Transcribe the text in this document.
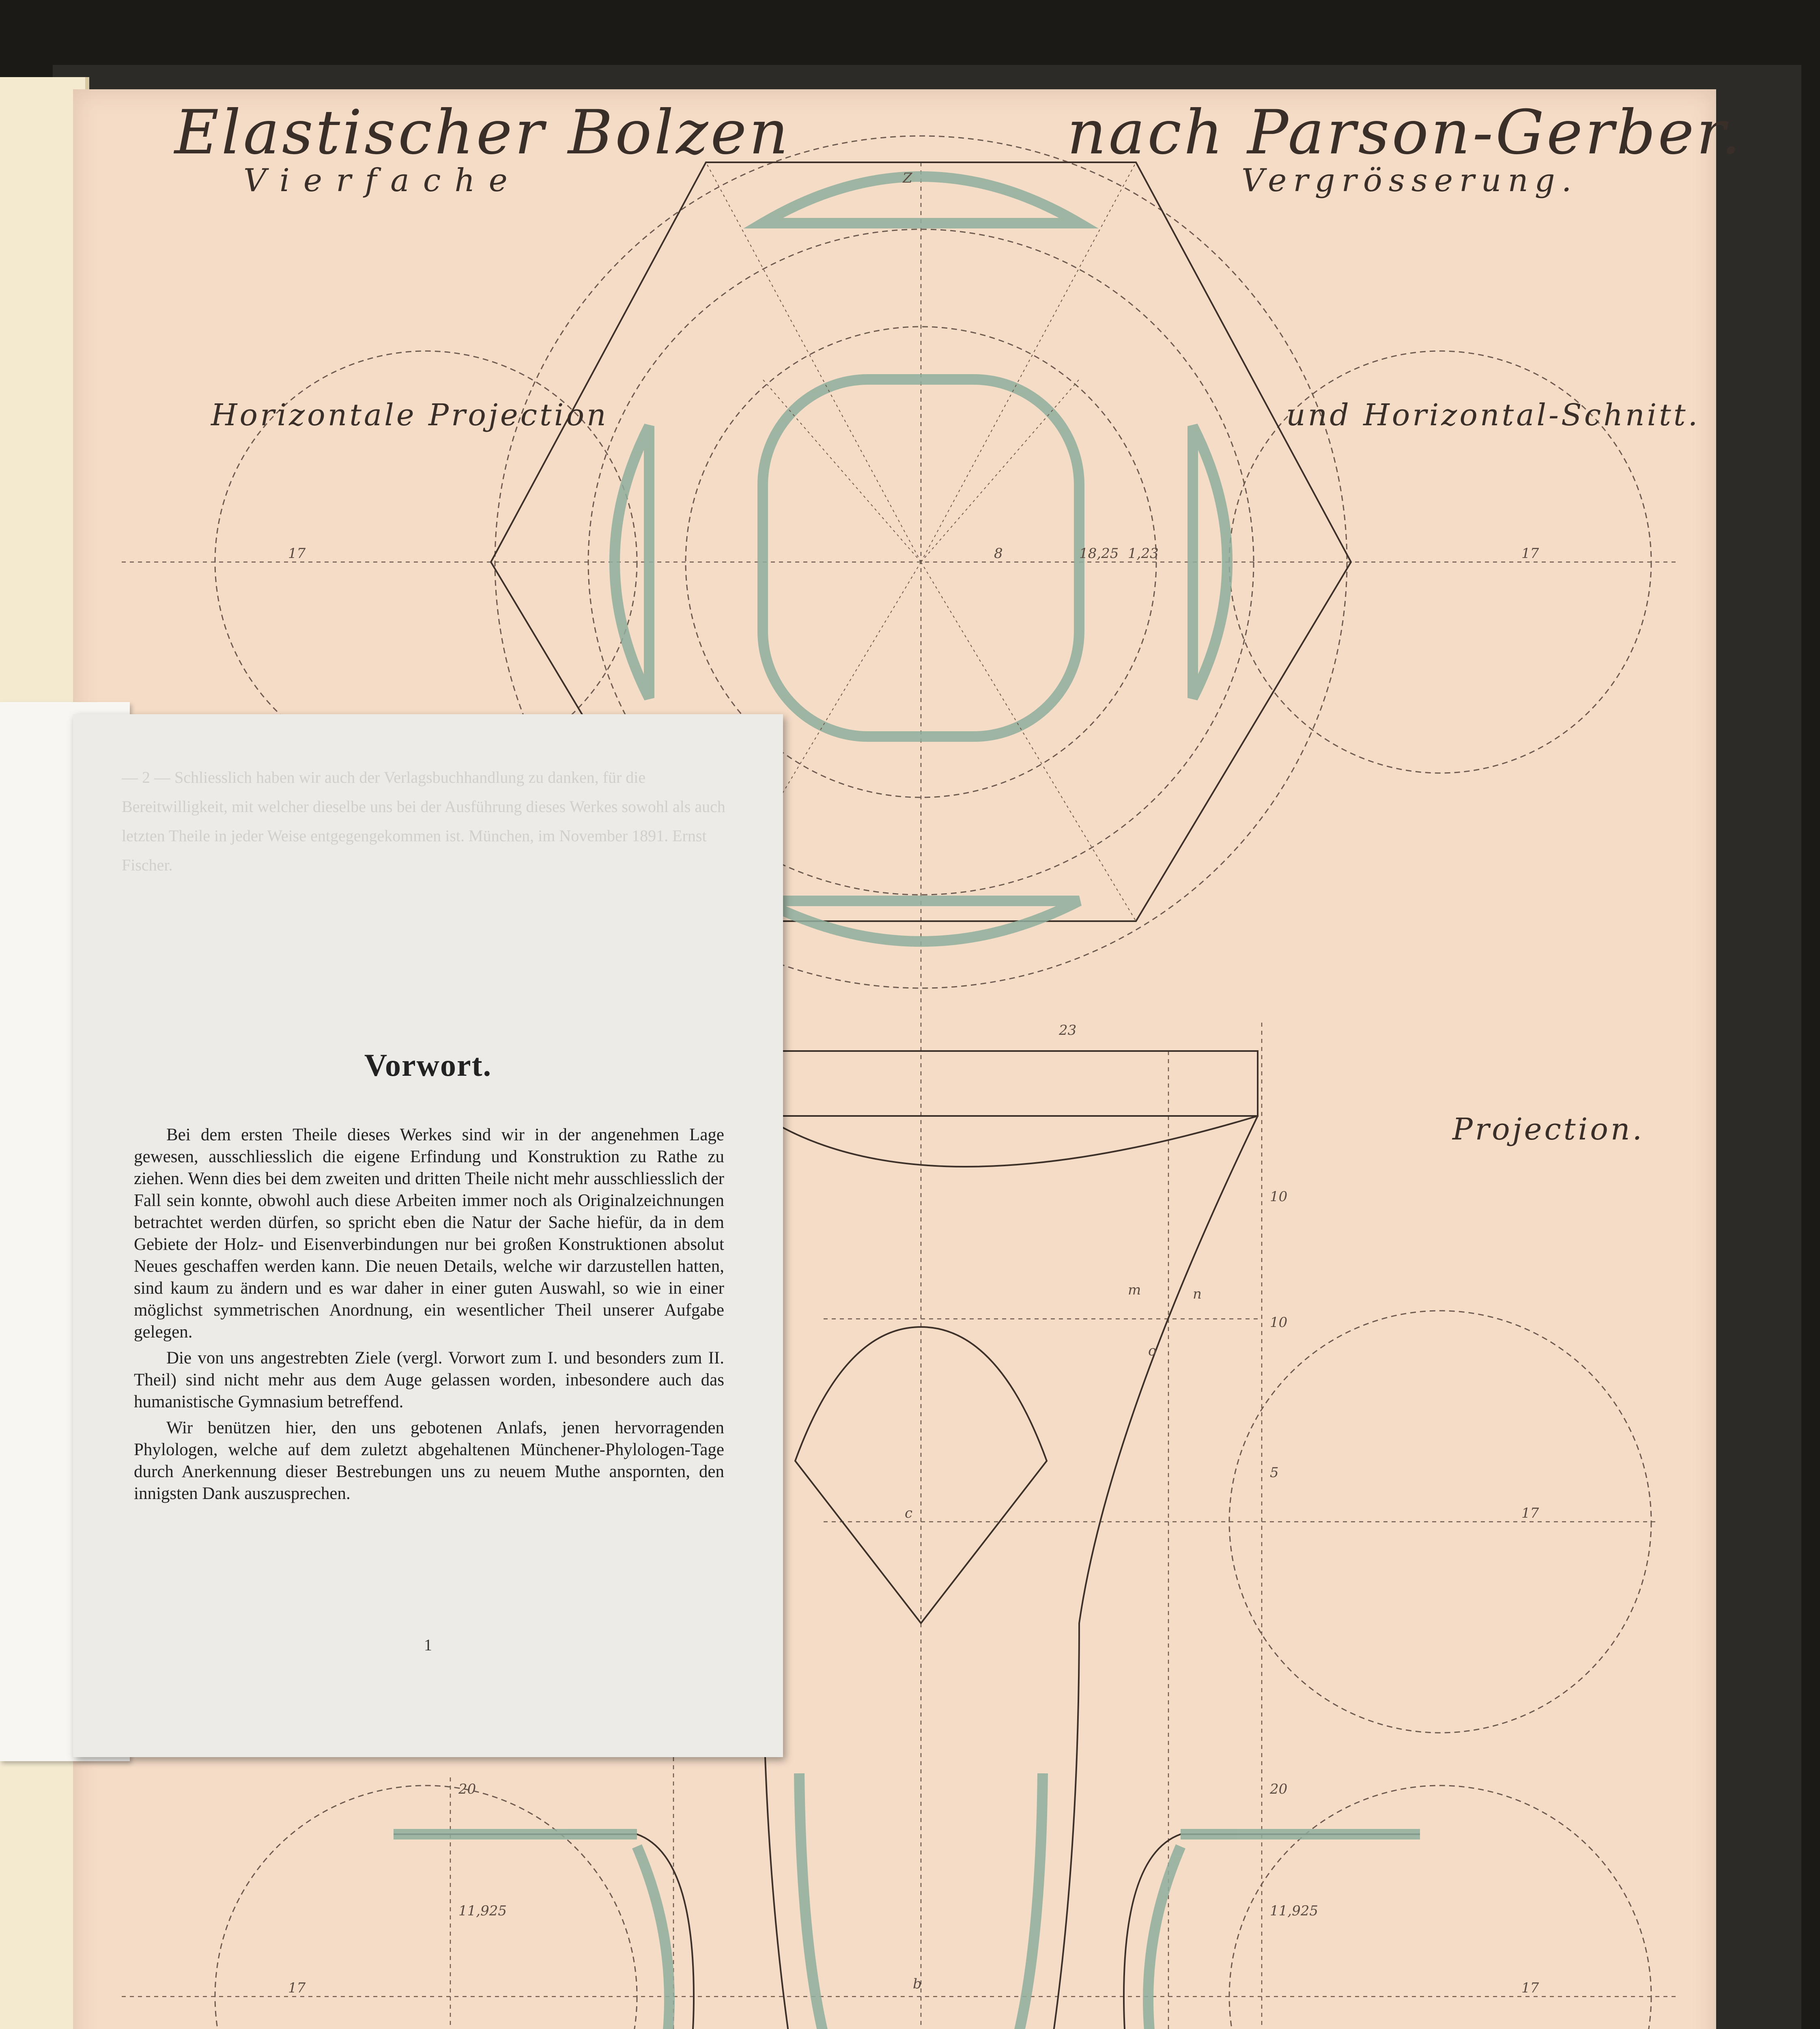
17	17
17
17	17
23
10
10
5
20	20
11,925	11,925
8	18,25 1,23
Z
b
c
m	n
o
Elastischer Bolzen	nach Parson-Gerber.
Vierfache	Vergrösserung.
Horizontale Projection	und Horizontal-Schnitt.
Projection.
— 2 — Schliesslich haben wir auch der Verlagsbuchhandlung zu danken, für die Bereitwilligkeit, mit welcher dieselbe uns bei der Ausführung dieses Werkes sowohl als auch letzten Theile in jeder Weise entgegengekommen ist. München, im November 1891. Ernst Fischer.
Vorwort.

Bei dem ersten Theile dieses Werkes sind wir in der angenehmen Lage gewesen, ausschliesslich die eigene Erfindung und Konstruktion zu Rathe zu ziehen. Wenn dies bei dem zweiten und dritten Theile nicht mehr ausschliesslich der Fall sein konnte, obwohl auch diese Arbeiten immer noch als Originalzeichnungen betrachtet werden dürfen, so spricht eben die Natur der Sache hiefür, da in dem Gebiete der Holz- und Eisenverbindungen nur bei großen Konstruktionen absolut Neues geschaffen werden kann. Die neuen Details, welche wir darzustellen hatten, sind kaum zu ändern und es war daher in einer guten Auswahl, so wie in einer möglichst symmetrischen Anordnung, ein wesentlicher Theil unserer Aufgabe gelegen.

Die von uns angestrebten Ziele (vergl. Vorwort zum I. und besonders zum II. Theil) sind nicht mehr aus dem Auge gelassen worden, inbesondere auch das humanistische Gymnasium betreffend.

Wir benützen hier, den uns gebotenen Anlafs, jenen hervorragenden Phylologen, welche auf dem zuletzt abgehaltenen Münchener-Phylologen-Tage durch Anerkennung dieser Bestrebungen uns zu neuem Muthe anspornten, den innigsten Dank auszusprechen.

1
